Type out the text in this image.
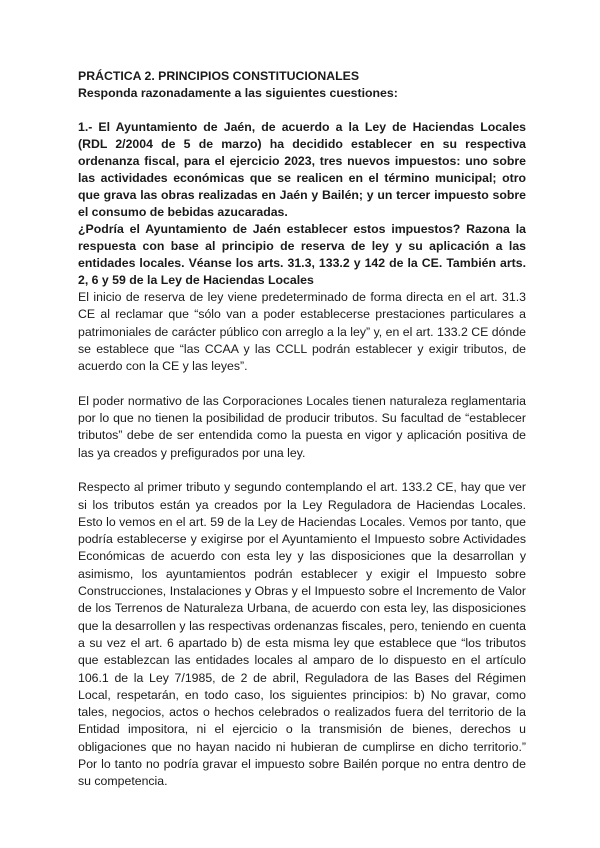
PRÁCTICA 2. PRINCIPIOS CONSTITUCIONALES

Responda razonadamente a las siguientes cuestiones:

1.- El Ayuntamiento de Jaén, de acuerdo a la Ley de Haciendas Locales (RDL 2/2004 de 5 de marzo) ha decidido establecer en su respectiva ordenanza fiscal, para el ejercicio 2023, tres nuevos impuestos: uno sobre las actividades económicas que se realicen en el término municipal; otro que grava las obras realizadas en Jaén y Bailén; y un tercer impuesto sobre el consumo de bebidas azucaradas.

¿Podría el Ayuntamiento de Jaén establecer estos impuestos? Razona la respuesta con base al principio de reserva de ley y su aplicación a las entidades locales. Véanse los arts. 31.3, 133.2 y 142 de la CE. También arts. 2, 6 y 59 de la Ley de Haciendas Locales

El inicio de reserva de ley viene predeterminado de forma directa en el art. 31.3 CE al reclamar que “sólo van a poder establecerse prestaciones particulares a patrimoniales de carácter público con arreglo a la ley” y, en el art. 133.2 CE dónde se establece que “las CCAA y las CCLL podrán establecer y exigir tributos, de acuerdo con la CE y las leyes”.

El poder normativo de las Corporaciones Locales tienen naturaleza reglamentaria por lo que no tienen la posibilidad de producir tributos. Su facultad de “establecer tributos” debe de ser entendida como la puesta en vigor y aplicación positiva de las ya creados y prefigurados por una ley.

Respecto al primer tributo y segundo contemplando el art. 133.2 CE, hay que ver si los tributos están ya creados por la Ley Reguladora de Haciendas Locales. Esto lo vemos en el art. 59 de la Ley de Haciendas Locales. Vemos por tanto, que podría establecerse y exigirse por el Ayuntamiento el Impuesto sobre Actividades Económicas de acuerdo con esta ley y las disposiciones que la desarrollan y asimismo, los ayuntamientos podrán establecer y exigir el Impuesto sobre Construcciones, Instalaciones y Obras y el Impuesto sobre el Incremento de Valor de los Terrenos de Naturaleza Urbana, de acuerdo con esta ley, las disposiciones que la desarrollen y las respectivas ordenanzas fiscales, pero, teniendo en cuenta a su vez el art. 6 apartado b) de esta misma ley que establece que “los tributos que establezcan las entidades locales al amparo de lo dispuesto en el artículo 106.1 de la Ley 7/1985, de 2 de abril, Reguladora de las Bases del Régimen Local, respetarán, en todo caso, los siguientes principios: b) No gravar, como tales, negocios, actos o hechos celebrados o realizados fuera del territorio de la Entidad impositora, ni el ejercicio o la transmisión de bienes, derechos u obligaciones que no hayan nacido ni hubieran de cumplirse en dicho territorio.” Por lo tanto no podría gravar el impuesto sobre Bailén porque no entra dentro de su competencia.
